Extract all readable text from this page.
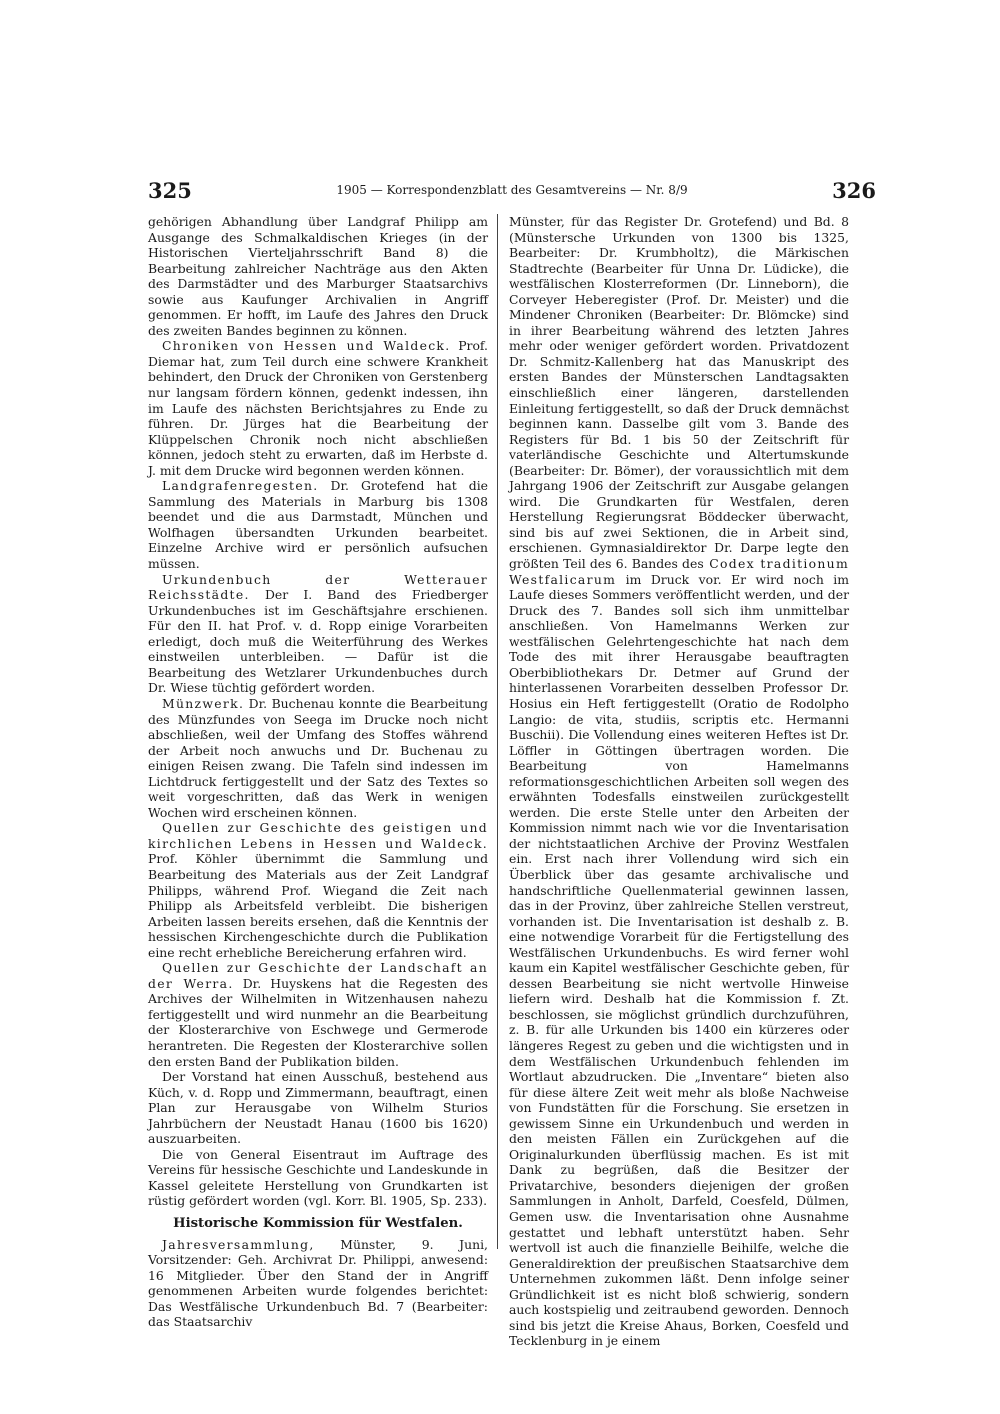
325	1905 — Korrespondenzblatt des Gesamtvereins — Nr. 8/9	326

gehörigen Abhandlung über Landgraf Philipp am Ausgange des Schmalkaldischen Krieges (in der Historischen Vierteljahrsschrift Band 8) die Bearbeitung zahlreicher Nachträge aus den Akten des Darmstädter und des Marburger Staatsarchivs sowie aus Kaufunger Archivalien in Angriff genommen. Er hofft, im Laufe des Jahres den Druck des zweiten Bandes beginnen zu können.

Chroniken von Hessen und Waldeck. Prof. Diemar hat, zum Teil durch eine schwere Krankheit behindert, den Druck der Chroniken von Gerstenberg nur langsam fördern können, gedenkt indessen, ihn im Laufe des nächsten Berichtsjahres zu Ende zu führen. Dr. Jürges hat die Bearbeitung der Klüppelschen Chronik noch nicht abschließen können, jedoch steht zu erwarten, daß im Herbste d. J. mit dem Drucke wird begonnen werden können.

Landgrafenregesten. Dr. Grotefend hat die Sammlung des Materials in Marburg bis 1308 beendet und die aus Darmstadt, München und Wolfhagen übersandten Urkunden bearbeitet. Einzelne Archive wird er persönlich aufsuchen müssen.

Urkundenbuch der Wetterauer Reichsstädte. Der I. Band des Friedberger Urkundenbuches ist im Geschäftsjahre erschienen. Für den II. hat Prof. v. d. Ropp einige Vorarbeiten erledigt, doch muß die Weiterführung des Werkes einstweilen unterbleiben. — Dafür ist die Bearbeitung des Wetzlarer Urkundenbuches durch Dr. Wiese tüchtig gefördert worden.

Münzwerk. Dr. Buchenau konnte die Bearbeitung des Münzfundes von Seega im Drucke noch nicht abschließen, weil der Umfang des Stoffes während der Arbeit noch anwuchs und Dr. Buchenau zu einigen Reisen zwang. Die Tafeln sind indessen im Lichtdruck fertiggestellt und der Satz des Textes so weit vorgeschritten, daß das Werk in wenigen Wochen wird erscheinen können.

Quellen zur Geschichte des geistigen und kirchlichen Lebens in Hessen und Waldeck. Prof. Köhler übernimmt die Sammlung und Bearbeitung des Materials aus der Zeit Landgraf Philipps, während Prof. Wiegand die Zeit nach Philipp als Arbeitsfeld verbleibt. Die bisherigen Arbeiten lassen bereits ersehen, daß die Kenntnis der hessischen Kirchengeschichte durch die Publikation eine recht erhebliche Bereicherung erfahren wird.

Quellen zur Geschichte der Landschaft an der Werra. Dr. Huyskens hat die Regesten des Archives der Wilhelmiten in Witzenhausen nahezu fertiggestellt und wird nunmehr an die Bearbeitung der Klosterarchive von Eschwege und Germerode herantreten. Die Regesten der Klosterarchive sollen den ersten Band der Publikation bilden.

Der Vorstand hat einen Ausschuß, bestehend aus Küch, v. d. Ropp und Zimmermann, beauftragt, einen Plan zur Herausgabe von Wilhelm Sturios Jahrbüchern der Neustadt Hanau (1600 bis 1620) auszuarbeiten.

Die von General Eisentraut im Auftrage des Vereins für hessische Geschichte und Landeskunde in Kassel geleitete Herstellung von Grundkarten ist rüstig gefördert worden (vgl. Korr. Bl. 1905, Sp. 233).

Historische Kommission für Westfalen.

Jahresversammlung, Münster, 9. Juni, Vorsitzender: Geh. Archivrat Dr. Philippi, anwesend: 16 Mitglieder. Über den Stand der in Angriff genommenen Arbeiten wurde folgendes berichtet: Das Westfälische Urkundenbuch Bd. 7 (Bearbeiter: das Staatsarchiv

Münster, für das Register Dr. Grotefend) und Bd. 8 (Münstersche Urkunden von 1300 bis 1325, Bearbeiter: Dr. Krumbholtz), die Märkischen Stadtrechte (Bearbeiter für Unna Dr. Lüdicke), die westfälischen Klosterreformen (Dr. Linneborn), die Corveyer Heberegister (Prof. Dr. Meister) und die Mindener Chroniken (Bearbeiter: Dr. Blömcke) sind in ihrer Bearbeitung während des letzten Jahres mehr oder weniger gefördert worden. Privatdozent Dr. Schmitz-Kallenberg hat das Manuskript des ersten Bandes der Münsterschen Landtagsakten einschließlich einer längeren, darstellenden Einleitung fertiggestellt, so daß der Druck demnächst beginnen kann. Dasselbe gilt vom 3. Bande des Registers für Bd. 1 bis 50 der Zeitschrift für vaterländische Geschichte und Altertumskunde (Bearbeiter: Dr. Bömer), der voraussichtlich mit dem Jahrgang 1906 der Zeitschrift zur Ausgabe gelangen wird. Die Grundkarten für Westfalen, deren Herstellung Regierungsrat Böddecker überwacht, sind bis auf zwei Sektionen, die in Arbeit sind, erschienen. Gymnasialdirektor Dr. Darpe legte den größten Teil des 6. Bandes des Codex traditionum Westfalicarum im Druck vor. Er wird noch im Laufe dieses Sommers veröffentlicht werden, und der Druck des 7. Bandes soll sich ihm unmittelbar anschließen. Von Hamelmanns Werken zur westfälischen Gelehrtengeschichte hat nach dem Tode des mit ihrer Herausgabe beauftragten Oberbibliothekars Dr. Detmer auf Grund der hinterlassenen Vorarbeiten desselben Professor Dr. Hosius ein Heft fertiggestellt (Oratio de Rodolpho Langio: de vita, studiis, scriptis etc. Hermanni Buschii). Die Vollendung eines weiteren Heftes ist Dr. Löffler in Göttingen übertragen worden. Die Bearbeitung von Hamelmanns reformationsgeschichtlichen Arbeiten soll wegen des erwähnten Todesfalls einstweilen zurückgestellt werden. Die erste Stelle unter den Arbeiten der Kommission nimmt nach wie vor die Inventarisation der nichtstaatlichen Archive der Provinz Westfalen ein. Erst nach ihrer Vollendung wird sich ein Überblick über das gesamte archivalische und handschriftliche Quellenmaterial gewinnen lassen, das in der Provinz, über zahlreiche Stellen verstreut, vorhanden ist. Die Inventarisation ist deshalb z. B. eine notwendige Vorarbeit für die Fertigstellung des Westfälischen Urkundenbuchs. Es wird ferner wohl kaum ein Kapitel westfälischer Geschichte geben, für dessen Bearbeitung sie nicht wertvolle Hinweise liefern wird. Deshalb hat die Kommission f. Zt. beschlossen, sie möglichst gründlich durchzuführen, z. B. für alle Urkunden bis 1400 ein kürzeres oder längeres Regest zu geben und die wichtigsten und in dem Westfälischen Urkundenbuch fehlenden im Wortlaut abzudrucken. Die „Inventare“ bieten also für diese ältere Zeit weit mehr als bloße Nachweise von Fundstätten für die Forschung. Sie ersetzen in gewissem Sinne ein Urkundenbuch und werden in den meisten Fällen ein Zurückgehen auf die Originalurkunden überflüssig machen. Es ist mit Dank zu begrüßen, daß die Besitzer der Privatarchive, besonders diejenigen der großen Sammlungen in Anholt, Darfeld, Coesfeld, Dülmen, Gemen usw. die Inventarisation ohne Ausnahme gestattet und lebhaft unterstützt haben. Sehr wertvoll ist auch die finanzielle Beihilfe, welche die Generaldirektion der preußischen Staatsarchive dem Unternehmen zukommen läßt. Denn infolge seiner Gründlichkeit ist es nicht bloß schwierig, sondern auch kostspielig und zeitraubend geworden. Dennoch sind bis jetzt die Kreise Ahaus, Borken, Coesfeld und Tecklenburg in je einem
